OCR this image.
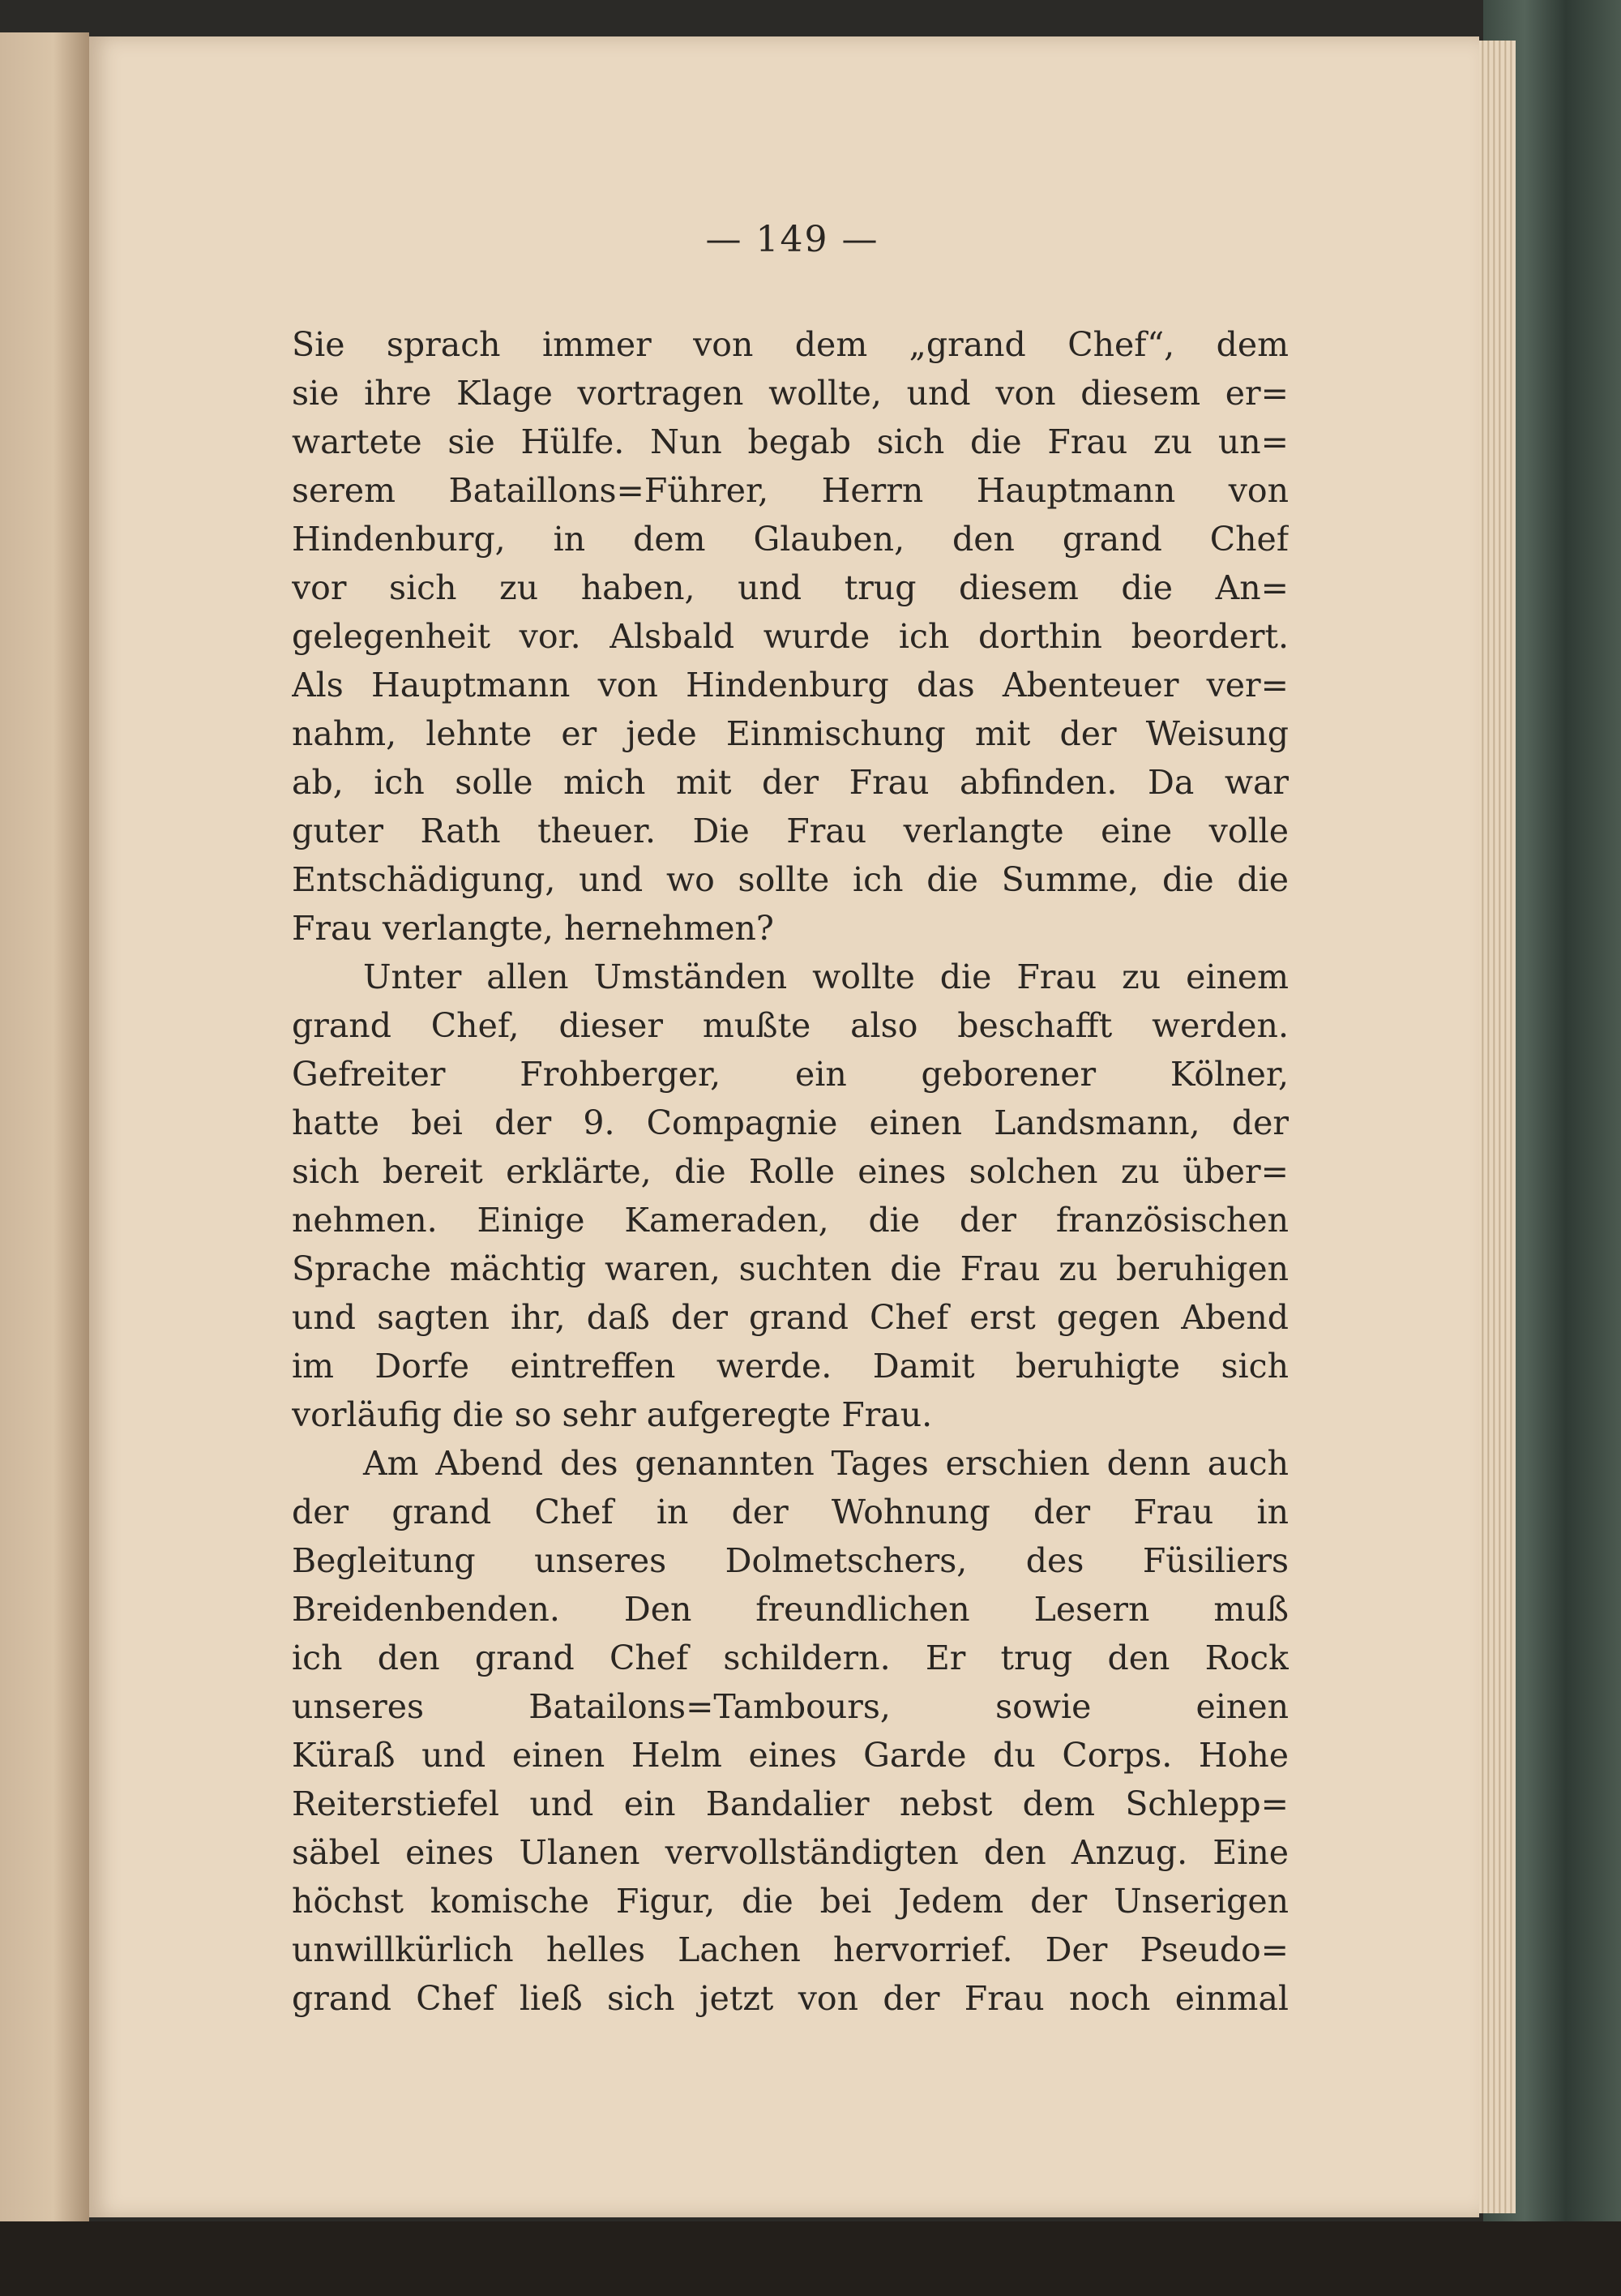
— 149 —
Sie sprach immer von dem „grand Chef“, dem
sie ihre Klage vortragen wollte, und von diesem er=
wartete sie Hülfe. Nun begab sich die Frau zu un=
serem Bataillons=Führer, Herrn Hauptmann von
Hindenburg, in dem Glauben, den grand Chef
vor sich zu haben, und trug diesem die An=
gelegenheit vor. Alsbald wurde ich dorthin beordert.
Als Hauptmann von Hindenburg das Abenteuer ver=
nahm, lehnte er jede Einmischung mit der Weisung
ab, ich solle mich mit der Frau abfinden. Da war
guter Rath theuer. Die Frau verlangte eine volle
Entschädigung, und wo sollte ich die Summe, die die
Frau verlangte, hernehmen?
Unter allen Umständen wollte die Frau zu einem
grand Chef, dieser mußte also beschafft werden.
Gefreiter Frohberger, ein geborener Kölner,
hatte bei der 9. Compagnie einen Landsmann, der
sich bereit erklärte, die Rolle eines solchen zu über=
nehmen. Einige Kameraden, die der französischen
Sprache mächtig waren, suchten die Frau zu beruhigen
und sagten ihr, daß der grand Chef erst gegen Abend
im Dorfe eintreffen werde. Damit beruhigte sich
vorläufig die so sehr aufgeregte Frau.
Am Abend des genannten Tages erschien denn auch
der grand Chef in der Wohnung der Frau in
Begleitung unseres Dolmetschers, des Füsiliers
Breidenbenden. Den freundlichen Lesern muß
ich den grand Chef schildern. Er trug den Rock
unseres Batailons=Tambours, sowie einen
Küraß und einen Helm eines Garde du Corps. Hohe
Reiterstiefel und ein Bandalier nebst dem Schlepp=
säbel eines Ulanen vervollständigten den Anzug. Eine
höchst komische Figur, die bei Jedem der Unserigen
unwillkürlich helles Lachen hervorrief. Der Pseudo=
grand Chef ließ sich jetzt von der Frau noch einmal
